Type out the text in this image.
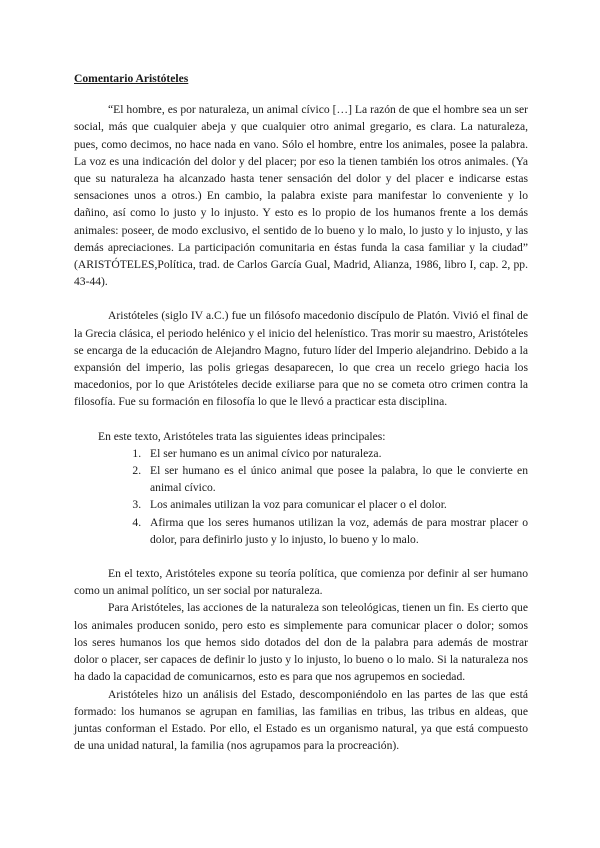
Comentario Aristóteles

“El hombre, es por naturaleza, un animal cívico […] La razón de que el hombre sea un ser social, más que cualquier abeja y que cualquier otro animal gregario, es clara. La naturaleza, pues, como decimos, no hace nada en vano. Sólo el hombre, entre los animales, posee la palabra. La voz es una indicación del dolor y del placer; por eso la tienen también los otros animales. (Ya que su naturaleza ha alcanzado hasta tener sensación del dolor y del placer e indicarse estas sensaciones unos a otros.) En cambio, la palabra existe para manifestar lo conveniente y lo dañino, así como lo justo y lo injusto. Y esto es lo propio de los humanos frente a los demás animales: poseer, de modo exclusivo, el sentido de lo bueno y lo malo, lo justo y lo injusto, y las demás apreciaciones. La participación comunitaria en éstas funda la casa familiar y la ciudad” (ARISTÓTELES,Política, trad. de Carlos García Gual, Madrid, Alianza, 1986, libro I, cap. 2, pp. 43-44).

Aristóteles (siglo IV a.C.) fue un filósofo macedonio discípulo de Platón. Vivió el final de la Grecia clásica, el periodo helénico y el inicio del helenístico. Tras morir su maestro, Aristóteles se encarga de la educación de Alejandro Magno, futuro líder del Imperio alejandrino. Debido a la expansión del imperio, las polis griegas desaparecen, lo que crea un recelo griego hacia los macedonios, por lo que Aristóteles decide exiliarse para que no se cometa otro crimen contra la filosofía. Fue su formación en filosofía lo que le llevó a practicar esta disciplina.

En este texto, Aristóteles trata las siguientes ideas principales:

1. El ser humano es un animal cívico por naturaleza.
2. El ser humano es el único animal que posee la palabra, lo que le convierte en animal cívico.
3. Los animales utilizan la voz para comunicar el placer o el dolor.
4. Afirma que los seres humanos utilizan la voz, además de para mostrar placer o dolor, para definirlo justo y lo injusto, lo bueno y lo malo.

En el texto, Aristóteles expone su teoría política, que comienza por definir al ser humano como un animal político, un ser social por naturaleza.

Para Aristóteles, las acciones de la naturaleza son teleológicas, tienen un fin. Es cierto que los animales producen sonido, pero esto es simplemente para comunicar placer o dolor; somos los seres humanos los que hemos sido dotados del don de la palabra para además de mostrar dolor o placer, ser capaces de definir lo justo y lo injusto, lo bueno o lo malo. Si la naturaleza nos ha dado la capacidad de comunicarnos, esto es para que nos agrupemos en sociedad.

Aristóteles hizo un análisis del Estado, descomponiéndolo en las partes de las que está formado: los humanos se agrupan en familias, las familias en tribus, las tribus en aldeas, que juntas conforman el Estado. Por ello, el Estado es un organismo natural, ya que está compuesto de una unidad natural, la familia (nos agrupamos para la procreación).
